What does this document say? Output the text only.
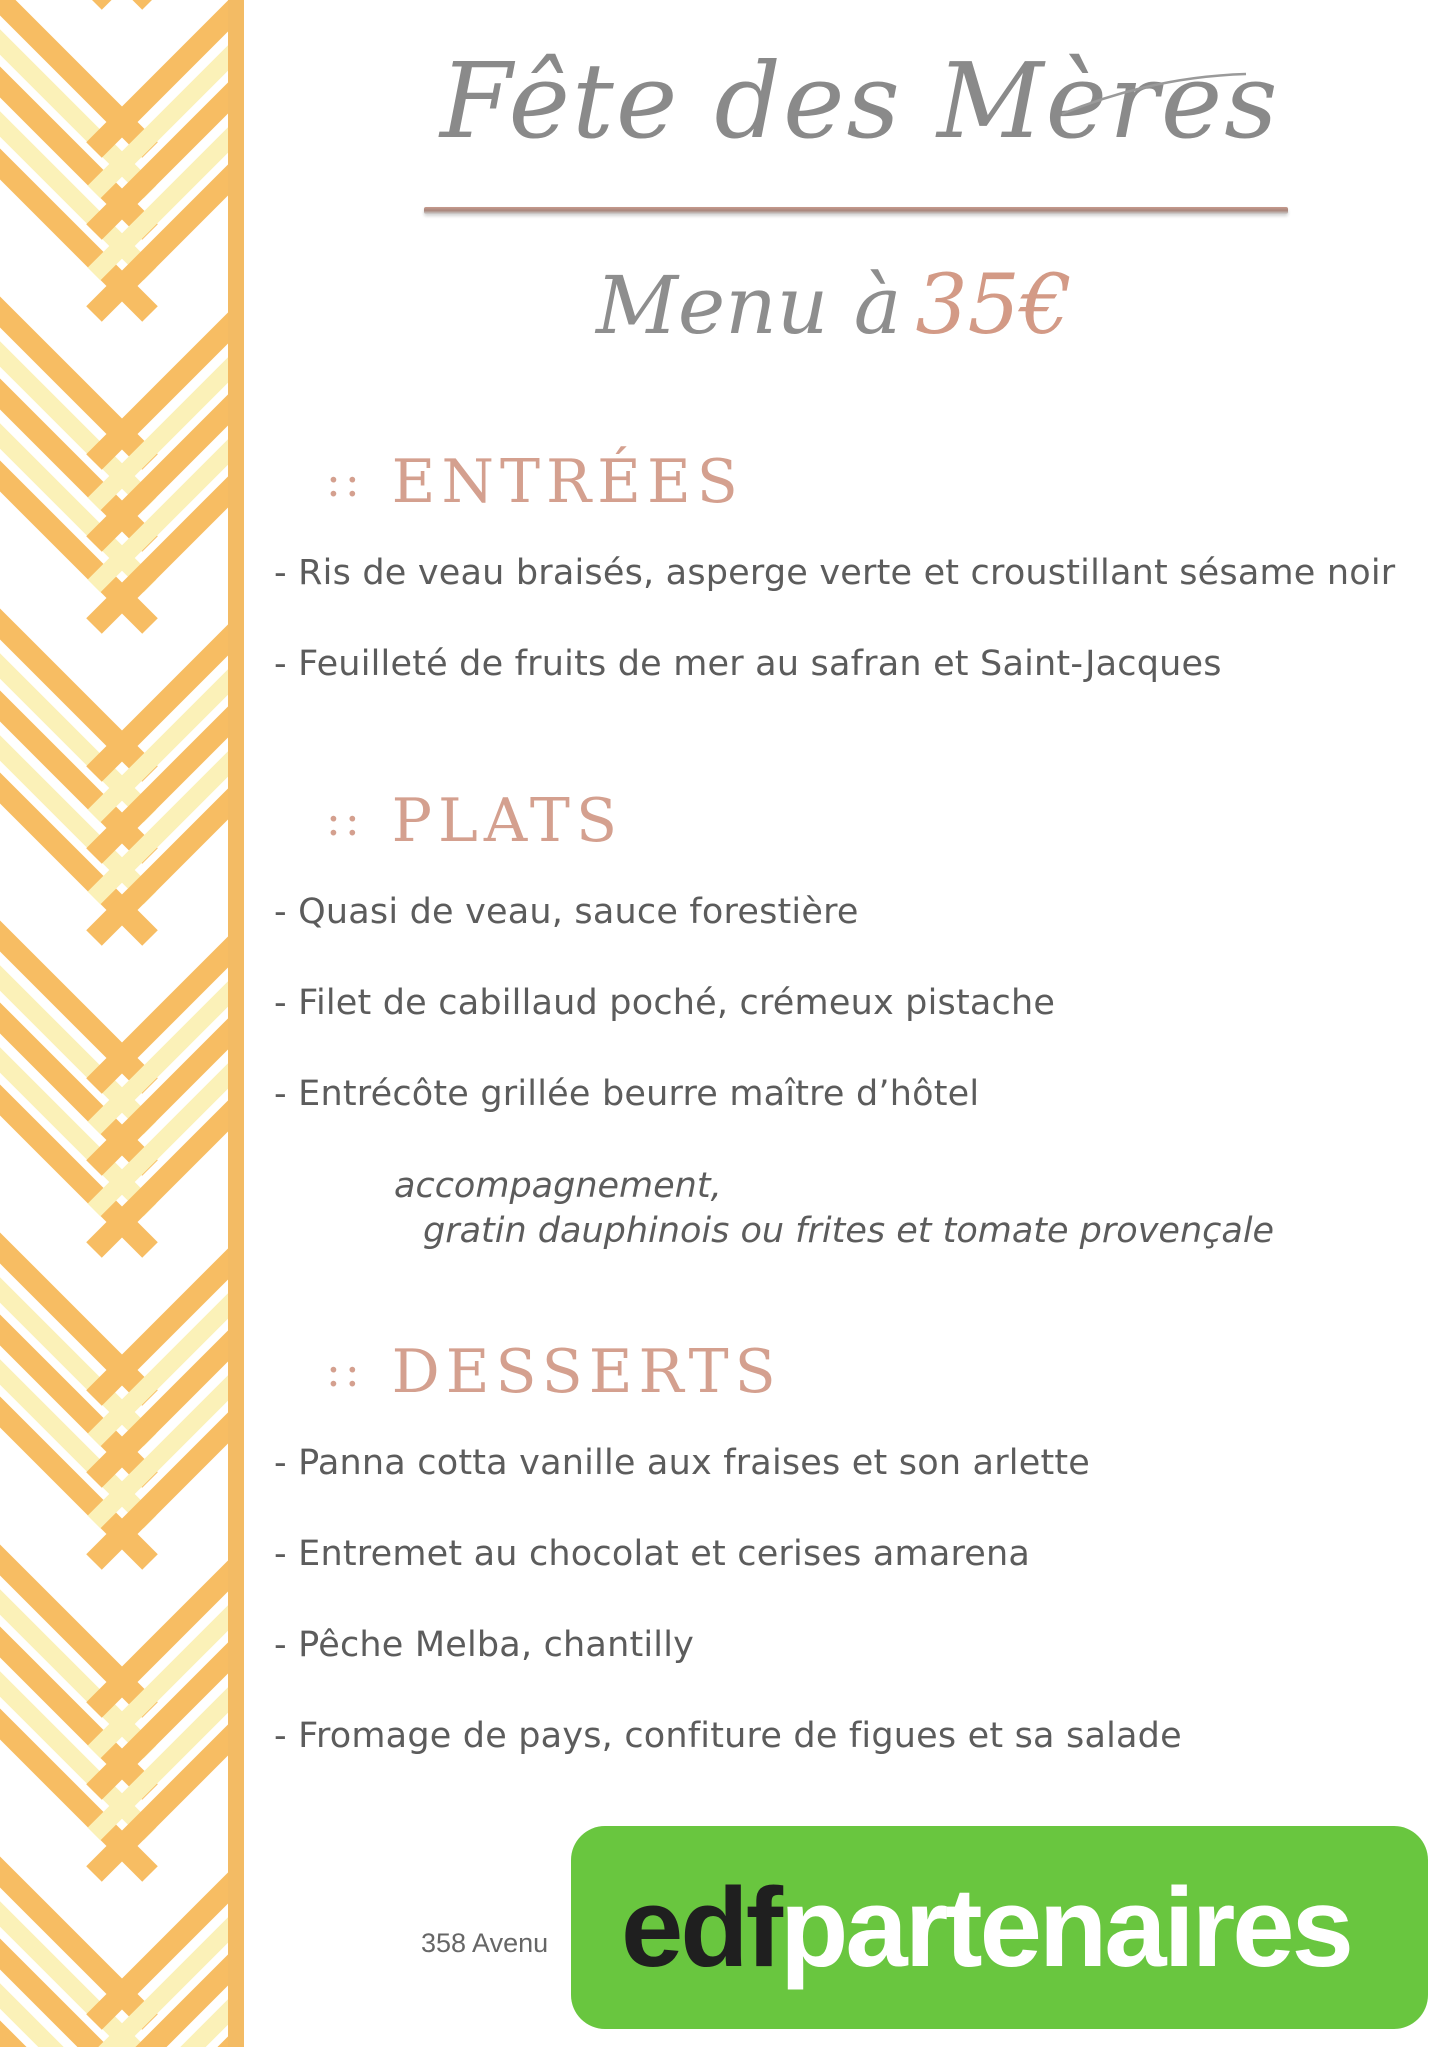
Fête des Mères
Menu à 35€
:: ENTRÉES
- Ris de veau braisés, asperge verte et croustillant sésame noir
- Feuilleté de fruits de mer au safran et Saint-Jacques
:: PLATS
- Quasi de veau, sauce forestière
- Filet de cabillaud poché, crémeux pistache
- Entrécôte grillée beurre maître d’hôtel
accompagnement,
gratin dauphinois ou frites et tomate provençale
:: DESSERTS
- Panna cotta vanille aux fraises et son arlette
- Entremet au chocolat et cerises amarena
- Pêche Melba, chantilly
- Fromage de pays, confiture de figues et sa salade
358 Avenu edf partenaires
